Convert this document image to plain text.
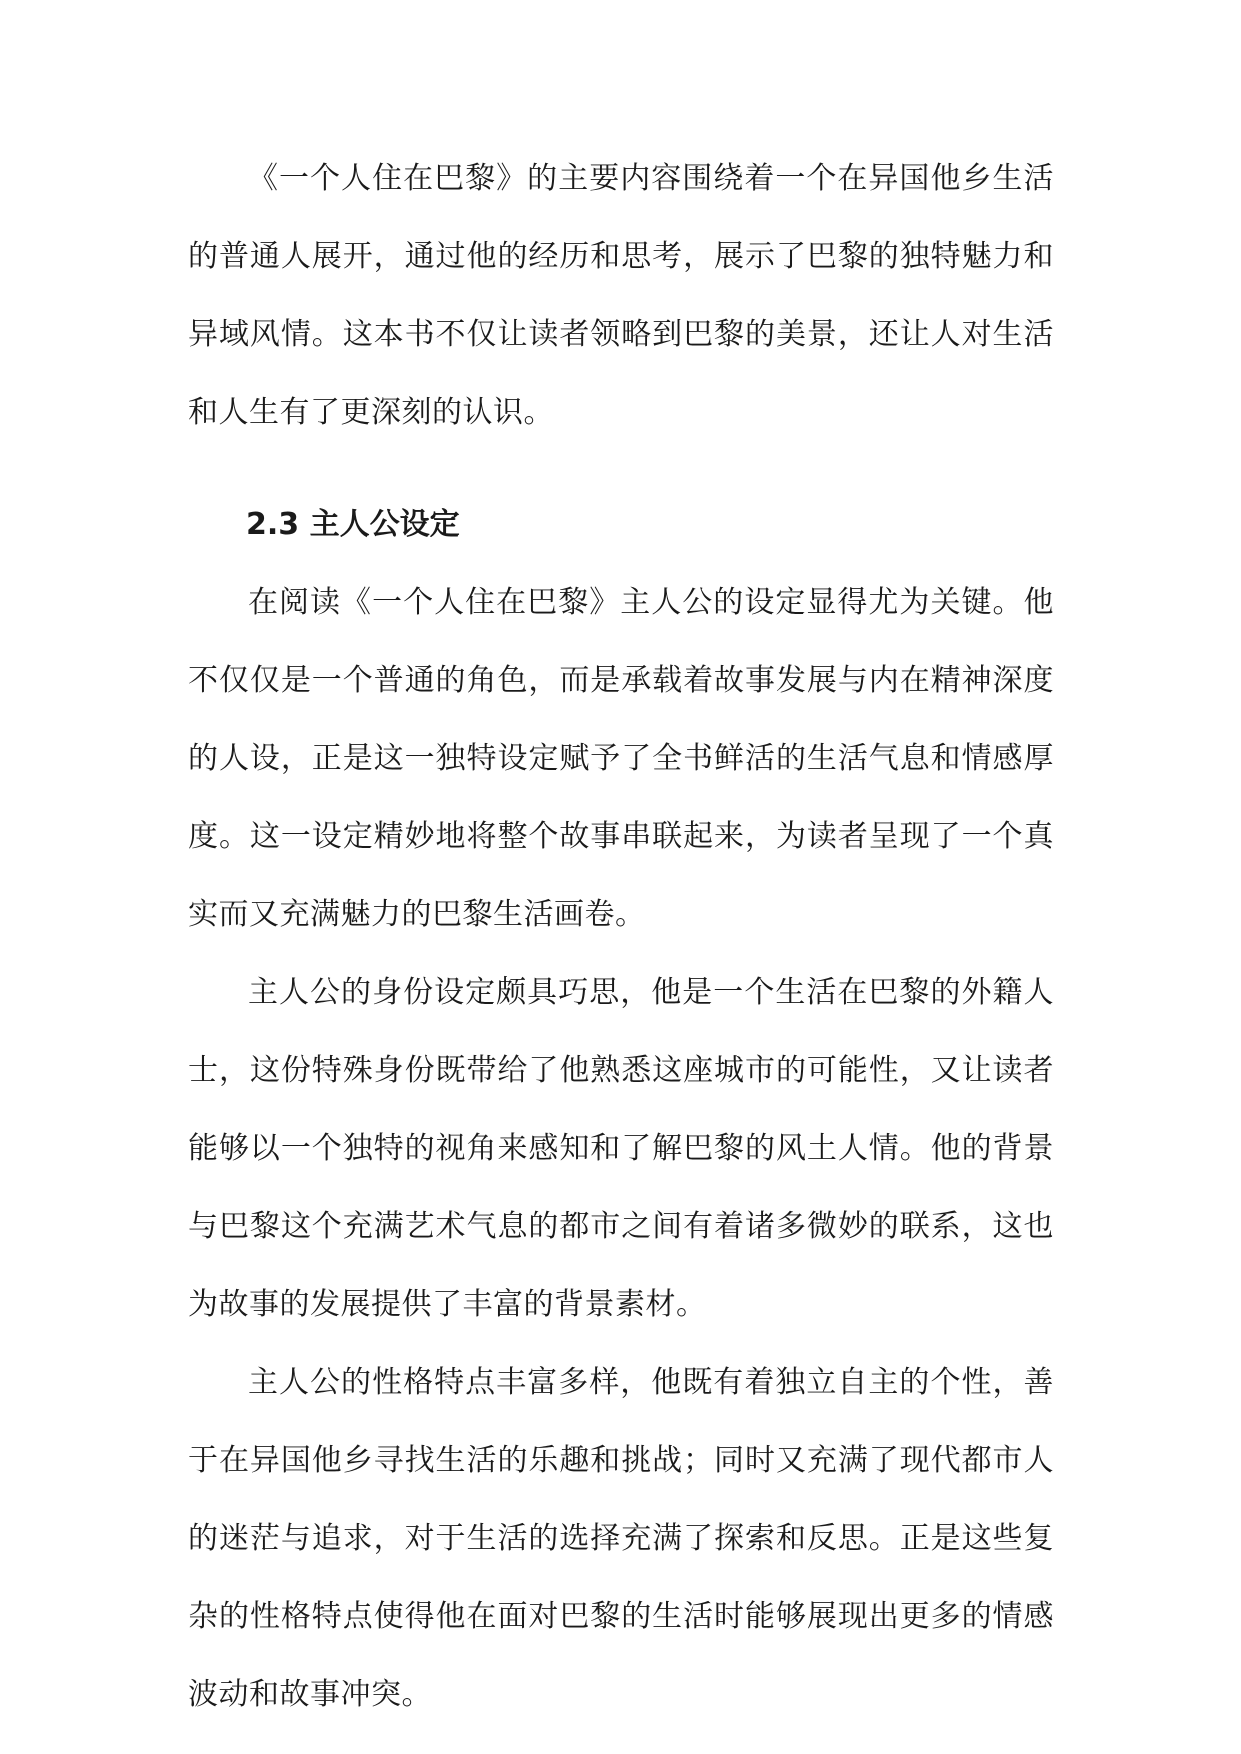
《一个人住在巴黎》的主要内容围绕着一个在异国他乡生活的普通人展开，通过他的经历和思考，展示了巴黎的独特魅力和异域风情。这本书不仅让读者领略到巴黎的美景，还让人对生活和人生有了更深刻的认识。

2.3 主人公设定

在阅读《一个人住在巴黎》主人公的设定显得尤为关键。他不仅仅是一个普通的角色，而是承载着故事发展与内在精神深度的人设，正是这一独特设定赋予了全书鲜活的生活气息和情感厚度。这一设定精妙地将整个故事串联起来，为读者呈现了一个真实而又充满魅力的巴黎生活画卷。

主人公的身份设定颇具巧思，他是一个生活在巴黎的外籍人士，这份特殊身份既带给了他熟悉这座城市的可能性，又让读者能够以一个独特的视角来感知和了解巴黎的风土人情。他的背景与巴黎这个充满艺术气息的都市之间有着诸多微妙的联系，这也为故事的发展提供了丰富的背景素材。

主人公的性格特点丰富多样，他既有着独立自主的个性，善于在异国他乡寻找生活的乐趣和挑战；同时又充满了现代都市人的迷茫与追求，对于生活的选择充满了探索和反思。正是这些复杂的性格特点使得他在面对巴黎的生活时能够展现出更多的情感波动和故事冲突。
